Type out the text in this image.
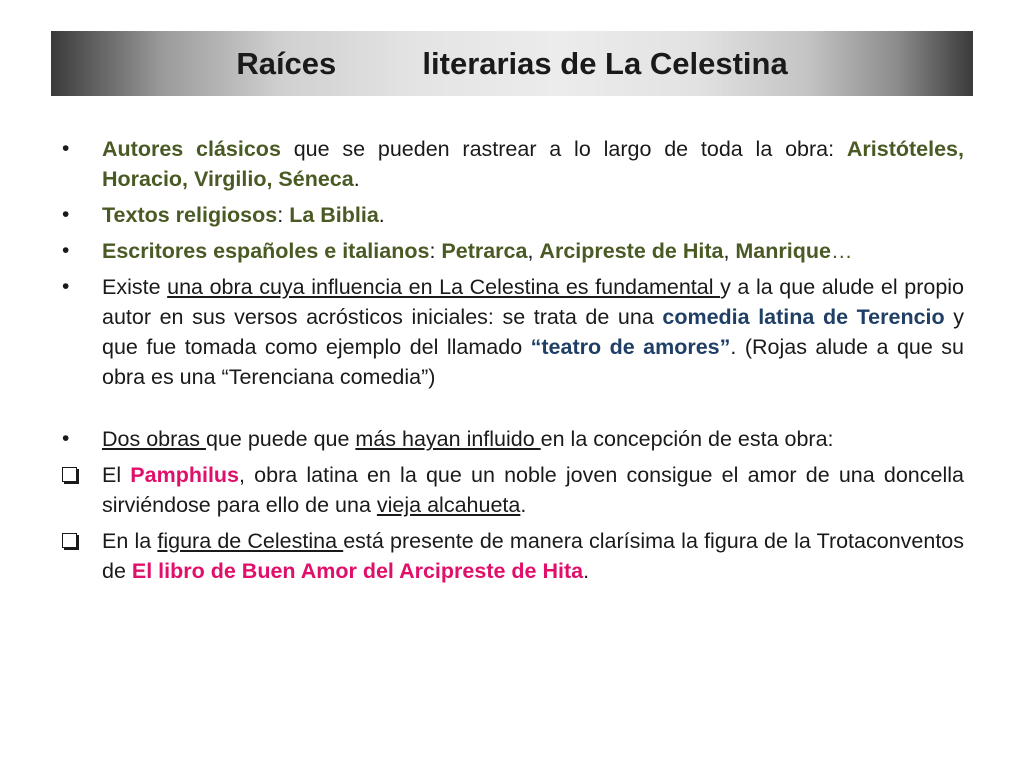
Raíces          literarias de La Celestina
• Autores clásicos que se pueden rastrear a lo largo de toda la obra: Aristóteles, Horacio, Virgilio, Séneca.
• Textos religiosos: La Biblia.
• Escritores españoles e italianos: Petrarca, Arcipreste de Hita, Manrique…
• Existe una obra cuya influencia en La Celestina es fundamental y a la que alude el propio autor en sus versos acrósticos iniciales: se trata de una comedia latina de Terencio y que fue tomada como ejemplo del llamado “teatro de amores”. (Rojas alude a que su obra es una “Terenciana comedia”)
• Dos obras que puede que más hayan influido en la concepción de esta obra:
El Pamphilus, obra latina en la que un noble joven consigue el amor de una doncella sirviéndose para ello de una vieja alcahueta.
En la figura de Celestina está presente de manera clarísima la figura de la Trotaconventos de El libro de Buen Amor del Arcipreste de Hita.
